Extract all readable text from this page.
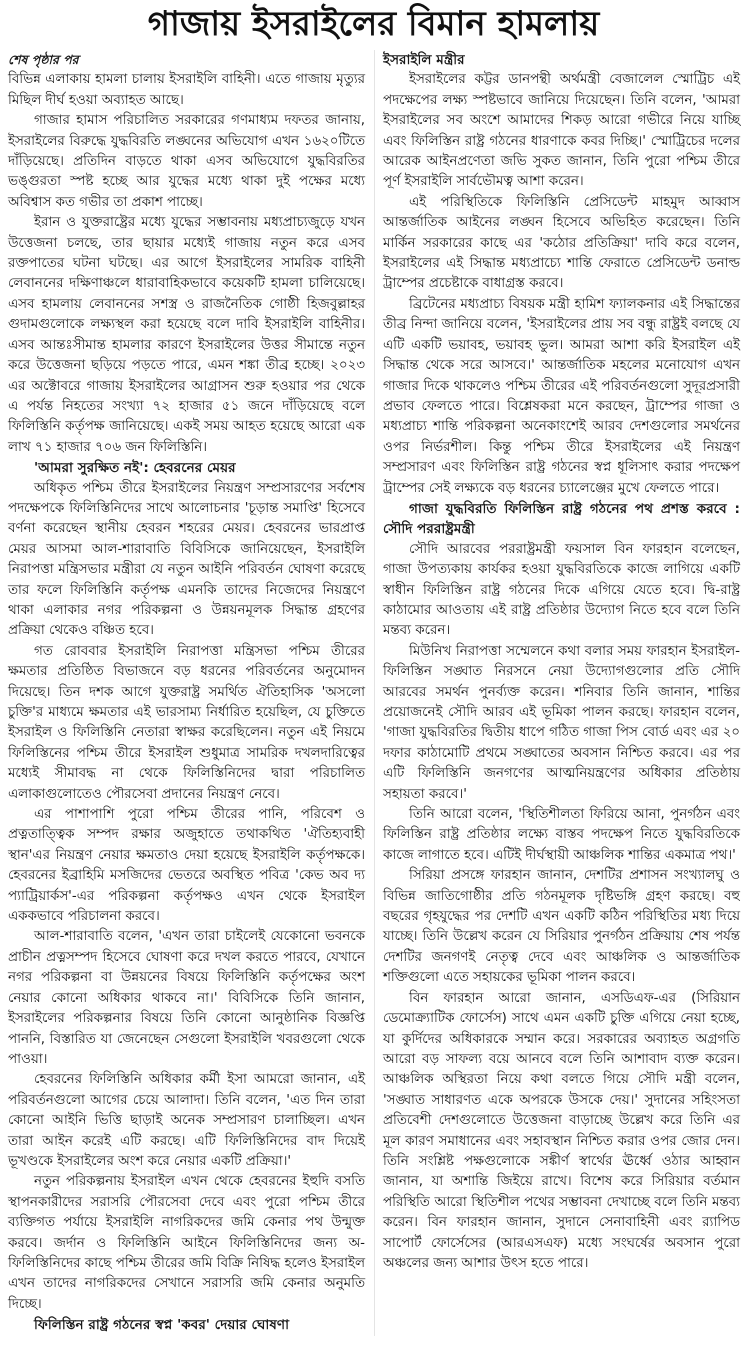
গাজায় ইসরাইলের বিমান হামলায়
শেষ পৃষ্ঠার পর

বিভিন্ন এলাকায় হামলা চালায় ইসরাইলি বাহিনী। এতে গাজায় মৃত্যুর মিছিল দীর্ঘ হওয়া অব্যাহত আছে।

গাজার হামাস পরিচালিত সরকারের গণমাধ্যম দফতর জানায়, ইসরাইলের বিরুদ্ধে যুদ্ধবিরতি লঙ্ঘনের অভিযোগ এখন ১৬২০টিতে দাঁড়িয়েছে। প্রতিদিন বাড়তে থাকা এসব অভিযোগে যুদ্ধবিরতির ভঙ্গুরতা স্পষ্ট হচ্ছে আর যুদ্ধের মধ্যে থাকা দুই পক্ষের মধ্যে অবিশ্বাস কত গভীর তা প্রকাশ পাচ্ছে।

ইরান ও যুক্তরাষ্ট্রের মধ্যে যুদ্ধের সম্ভাবনায় মধ্যপ্রাচ্যজুড়ে যখন উত্তেজনা চলছে, তার ছায়ার মধ্যেই গাজায় নতুন করে এসব রক্তপাতের ঘটনা ঘটছে। এর আগে ইসরাইলের সামরিক বাহিনী লেবাননের দক্ষিণাঞ্চলে ধারাবাহিকভাবে কয়েকটি হামলা চালিয়েছে। এসব হামলায় লেবাননের সশস্ত্র ও রাজনৈতিক গোষ্ঠী হিজবুল্লাহর গুদামগুলোকে লক্ষ্যস্থল করা হয়েছে বলে দাবি ইসরাইলি বাহিনীর। এসব আন্তঃসীমান্ত হামলার কারণে ইসরাইলের উত্তর সীমান্তে নতুন করে উত্তেজনা ছড়িয়ে পড়তে পারে, এমন শঙ্কা তীব্র হচ্ছে। ২০২৩ এর অক্টোবরে গাজায় ইসরাইলের আগ্রাসন শুরু হওয়ার পর থেকে এ পর্যন্ত নিহতের সংখ্যা ৭২ হাজার ৫১ জনে দাঁড়িয়েছে বলে ফিলিস্তিনি কর্তৃপক্ষ জানিয়েছে। একই সময় আহত হয়েছে আরো এক লাখ ৭১ হাজার ৭০৬ জন ফিলিস্তিনি।

'আমরা সুরক্ষিত নই': হেবরনের মেয়র

অধিকৃত পশ্চিম তীরে ইসরাইলের নিয়ন্ত্রণ সম্প্রসারণের সর্বশেষ পদক্ষেপকে ফিলিস্তিনিদের সাথে আলোচনার 'চূড়ান্ত সমাপ্তি' হিসেবে বর্ণনা করেছেন স্থানীয় হেবরন শহরের মেয়র। হেবরনের ভারপ্রাপ্ত মেয়র আসমা আল-শারাবাতি বিবিসিকে জানিয়েছেন, ইসরাইলি নিরাপত্তা মন্ত্রিসভার মন্ত্রীরা যে নতুন আইনি পরিবর্তন ঘোষণা করেছে তার ফলে ফিলিস্তিনি কর্তৃপক্ষ এমনকি তাদের নিজেদের নিয়ন্ত্রণে থাকা এলাকার নগর পরিকল্পনা ও উন্নয়নমূলক সিদ্ধান্ত গ্রহণের প্রক্রিয়া থেকেও বঞ্চিত হবে।

গত রোববার ইসরাইলি নিরাপত্তা মন্ত্রিসভা পশ্চিম তীরের ক্ষমতার প্রতিষ্ঠিত বিভাজনে বড় ধরনের পরিবর্তনের অনুমোদন দিয়েছে। তিন দশক আগে যুক্তরাষ্ট্র সমর্থিত ঐতিহাসিক 'অসলো চুক্তি'র মাধ্যমে ক্ষমতার এই ভারসাম্য নির্ধারিত হয়েছিল, যে চুক্তিতে ইসরাইল ও ফিলিস্তিনি নেতারা স্বাক্ষর করেছিলেন। নতুন এই নিয়মে ফিলিস্তিনের পশ্চিম তীরে ইসরাইল শুধুমাত্র সামরিক দখলদারিত্বের মধ্যেই সীমাবদ্ধ না থেকে ফিলিস্তিনিদের দ্বারা পরিচালিত এলাকাগুলোতেও পৌরসেবা প্রদানের নিয়ন্ত্রণ নেবে।

এর পাশাপাশি পুরো পশ্চিম তীরের পানি, পরিবেশ ও প্রত্নতাত্ত্বিক সম্পদ রক্ষার অজুহাতে তথাকথিত 'ঐতিহ্যবাহী স্থান'এর নিয়ন্ত্রণ নেয়ার ক্ষমতাও দেয়া হয়েছে ইসরাইলি কর্তৃপক্ষকে। হেবরনের ইব্রাহিমি মসজিদের ভেতরে অবস্থিত পবিত্র 'কেভ অব দ্য প্যাট্রিয়ার্কস'-এর পরিকল্পনা কর্তৃপক্ষও এখন থেকে ইসরাইল এককভাবে পরিচালনা করবে।

আল-শারাবাতি বলেন, 'এখন তারা চাইলেই যেকোনো ভবনকে প্রাচীন প্রত্নসম্পদ হিসেবে ঘোষণা করে দখল করতে পারবে, যেখানে নগর পরিকল্পনা বা উন্নয়নের বিষয়ে ফিলিস্তিনি কর্তৃপক্ষের অংশ নেয়ার কোনো অধিকার থাকবে না।' বিবিসিকে তিনি জানান, ইসরাইলের পরিকল্পনার বিষয়ে তিনি কোনো আনুষ্ঠানিক বিজ্ঞপ্তি পাননি, বিস্তারিত যা জেনেছেন সেগুলো ইসরাইলি খবরগুলো থেকে পাওয়া।

হেবরনের ফিলিস্তিনি অধিকার কর্মী ইসা আমরো জানান, এই পরিবর্তনগুলো আগের চেয়ে আলাদা। তিনি বলেন, 'এত দিন তারা কোনো আইনি ভিত্তি ছাড়াই অনেক সম্প্রসারণ চালাচ্ছিল। এখন তারা আইন করেই এটি করছে। এটি ফিলিস্তিনিদের বাদ দিয়েই ভূখণ্ডকে ইসরাইলের অংশ করে নেয়ার একটি প্রক্রিয়া।'

নতুন পরিকল্পনায় ইসরাইল এখন থেকে হেবরনের ইহুদি বসতি স্থাপনকারীদের সরাসরি পৌরসেবা দেবে এবং পুরো পশ্চিম তীরে ব্যক্তিগত পর্যায়ে ইসরাইলি নাগরিকদের জমি কেনার পথ উন্মুক্ত করবে। জর্দান ও ফিলিস্তিনি আইনে ফিলিস্তিনিদের জন্য অ-ফিলিস্তিনিদের কাছে পশ্চিম তীরের জমি বিক্রি নিষিদ্ধ হলেও ইসরাইল এখন তাদের নাগরিকদের সেখানে সরাসরি জমি কেনার অনুমতি দিচ্ছে।

ফিলিস্তিন রাষ্ট্র গঠনের স্বপ্ন 'কবর' দেয়ার ঘোষণা
ইসরাইলি মন্ত্রীর

ইসরাইলের কট্টর ডানপন্থী অর্থমন্ত্রী বেজালেল স্মোট্রিচ এই পদক্ষেপের লক্ষ্য স্পষ্টভাবে জানিয়ে দিয়েছেন। তিনি বলেন, 'আমরা ইসরাইলের সব অংশে আমাদের শিকড় আরো গভীরে নিয়ে যাচ্ছি এবং ফিলিস্তিন রাষ্ট্র গঠনের ধারণাকে কবর দিচ্ছি।' স্মোট্রিচের দলের আরেক আইনপ্রণেতা জভি সুকত জানান, তিনি পুরো পশ্চিম তীরে পূর্ণ ইসরাইলি সার্বভৌমত্ব আশা করেন।

এই পরিস্থিতিকে ফিলিস্তিনি প্রেসিডেন্ট মাহমুদ আব্বাস আন্তর্জাতিক আইনের লঙ্ঘন হিসেবে অভিহিত করেছেন। তিনি মার্কিন সরকারের কাছে এর 'কঠোর প্রতিক্রিয়া' দাবি করে বলেন, ইসরাইলের এই সিদ্ধান্ত মধ্যপ্রাচ্যে শান্তি ফেরাতে প্রেসিডেন্ট ডনাল্ড ট্রাম্পের প্রচেষ্টাকে বাধাগ্রস্ত করবে।

ব্রিটেনের মধ্যপ্রাচ্য বিষয়ক মন্ত্রী হামিশ ফ্যালকনার এই সিদ্ধান্তের তীব্র নিন্দা জানিয়ে বলেন, 'ইসরাইলের প্রায় সব বন্ধু রাষ্ট্রই বলছে যে এটি একটি ভয়াবহ, ভয়াবহ ভুল। আমরা আশা করি ইসরাইল এই সিদ্ধান্ত থেকে সরে আসবে।' আন্তর্জাতিক মহলের মনোযোগ এখন গাজার দিকে থাকলেও পশ্চিম তীরের এই পরিবর্তনগুলো সুদূরপ্রসারী প্রভাব ফেলতে পারে। বিশ্লেষকরা মনে করছেন, ট্রাম্পের গাজা ও মধ্যপ্রাচ্য শান্তি পরিকল্পনা অনেকাংশেই আরব দেশগুলোর সমর্থনের ওপর নির্ভরশীল। কিন্তু পশ্চিম তীরে ইসরাইলের এই নিয়ন্ত্রণ সম্প্রসারণ এবং ফিলিস্তিন রাষ্ট্র গঠনের স্বপ্ন ধূলিসাৎ করার পদক্ষেপ ট্রাম্পের সেই লক্ষ্যকে বড় ধরনের চ্যালেঞ্জের মুখে ফেলতে পারে।

গাজা যুদ্ধবিরতি ফিলিস্তিন রাষ্ট্র গঠনের পথ প্রশস্ত করবে : সৌদি পররাষ্ট্রমন্ত্রী

সৌদি আরবের পররাষ্ট্রমন্ত্রী ফয়সাল বিন ফারহান বলেছেন, গাজা উপত্যকায় কার্যকর হওয়া যুদ্ধবিরতিকে কাজে লাগিয়ে একটি স্বাধীন ফিলিস্তিন রাষ্ট্র গঠনের দিকে এগিয়ে যেতে হবে। দ্বি-রাষ্ট্র কাঠামোর আওতায় এই রাষ্ট্র প্রতিষ্ঠার উদ্যোগ নিতে হবে বলে তিনি মন্তব্য করেন।

মিউনিখ নিরাপত্তা সম্মেলনে কথা বলার সময় ফারহান ইসরাইল-ফিলিস্তিন সঙ্ঘাত নিরসনে নেয়া উদ্যোগগুলোর প্রতি সৌদি আরবের সমর্থন পুনর্ব্যক্ত করেন। শনিবার তিনি জানান, শান্তির প্রয়োজনেই সৌদি আরব এই ভূমিকা পালন করছে। ফারহান বলেন, 'গাজা যুদ্ধবিরতির দ্বিতীয় ধাপে গঠিত গাজা পিস বোর্ড এবং এর ২০ দফার কাঠামোটি প্রথমে সঙ্ঘাতের অবসান নিশ্চিত করবে। এর পর এটি ফিলিস্তিনি জনগণের আত্মনিয়ন্ত্রণের অধিকার প্রতিষ্ঠায় সহায়তা করবে।'

তিনি আরো বলেন, 'স্থিতিশীলতা ফিরিয়ে আনা, পুনর্গঠন এবং ফিলিস্তিন রাষ্ট্র প্রতিষ্ঠার লক্ষ্যে বাস্তব পদক্ষেপ নিতে যুদ্ধবিরতিকে কাজে লাগাতে হবে। এটিই দীর্ঘস্থায়ী আঞ্চলিক শান্তির একমাত্র পথ।'

সিরিয়া প্রসঙ্গে ফারহান জানান, দেশটির প্রশাসন সংখ্যালঘু ও বিভিন্ন জাতিগোষ্ঠীর প্রতি গঠনমূলক দৃষ্টিভঙ্গি গ্রহণ করছে। বহু বছরের গৃহযুদ্ধের পর দেশটি এখন একটি কঠিন পরিস্থিতির মধ্য দিয়ে যাচ্ছে। তিনি উল্লেখ করেন যে সিরিয়ার পুনর্গঠন প্রক্রিয়ায় শেষ পর্যন্ত দেশটির জনগণই নেতৃত্ব দেবে এবং আঞ্চলিক ও আন্তর্জাতিক শক্তিগুলো এতে সহায়কের ভূমিকা পালন করবে।

বিন ফারহান আরো জানান, এসডিএফ-এর (সিরিয়ান ডেমোক্র্যাটিক ফোর্সেস) সাথে এমন একটি চুক্তি এগিয়ে নেয়া হচ্ছে, যা কুর্দিদের অধিকারকে সম্মান করে। সরকারের অব্যাহত অগ্রগতি আরো বড় সাফল্য বয়ে আনবে বলে তিনি আশাবাদ ব্যক্ত করেন। আঞ্চলিক অস্থিরতা নিয়ে কথা বলতে গিয়ে সৌদি মন্ত্রী বলেন, 'সঙ্ঘাত সাধারণত একে অপরকে উসকে দেয়।' সুদানের সহিংসতা প্রতিবেশী দেশগুলোতে উত্তেজনা বাড়াচ্ছে উল্লেখ করে তিনি এর মূল কারণ সমাধানের এবং সহাবস্থান নিশ্চিত করার ওপর জোর দেন। তিনি সংশ্লিষ্ট পক্ষগুলোকে সঙ্কীর্ণ স্বার্থের ঊর্ধ্বে ওঠার আহ্বান জানান, যা অশান্তি জিইয়ে রাখে। বিশেষ করে সিরিয়ার বর্তমান পরিস্থিতি আরো স্থিতিশীল পথের সম্ভাবনা দেখাচ্ছে বলে তিনি মন্তব্য করেন। বিন ফারহান জানান, সুদানে সেনাবাহিনী এবং র‍্যাপিড সাপোর্ট ফোর্সেসের (আরএসএফ) মধ্যে সংঘর্ষের অবসান পুরো অঞ্চলের জন্য আশার উৎস হতে পারে।
